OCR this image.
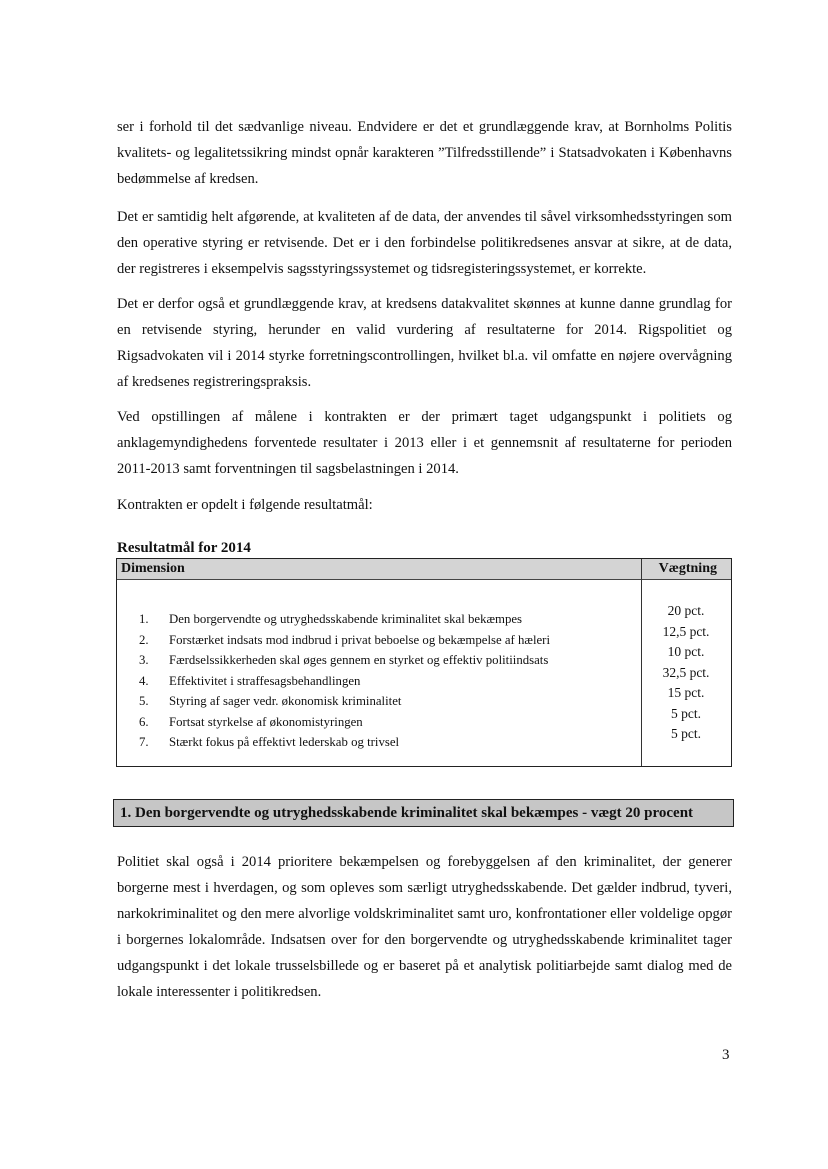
ser i forhold til det sædvanlige niveau. Endvidere er det et grundlæggende krav, at Bornholms Politis kvalitets- og legalitetssikring mindst opnår karakteren ”Tilfredsstillende” i Statsadvokaten i Københavns bedømmelse af kredsen.

Det er samtidig helt afgørende, at kvaliteten af de data, der anvendes til såvel virksomhedsstyringen som den operative styring er retvisende. Det er i den forbindelse politikredsenes ansvar at sikre, at de data, der registreres i eksempelvis sagsstyringssystemet og tidsregisteringssystemet, er korrekte.

Det er derfor også et grundlæggende krav, at kredsens datakvalitet skønnes at kunne danne grundlag for en retvisende styring, herunder en valid vurdering af resultaterne for 2014. Rigspolitiet og Rigsadvokaten vil i 2014 styrke forretningscontrollingen, hvilket bl.a. vil omfatte en nøjere overvågning af kredsenes registreringspraksis.

Ved opstillingen af målene i kontrakten er der primært taget udgangspunkt i politiets og anklagemyndighedens forventede resultater i 2013 eller i et gennemsnit af resultaterne for perioden 2011-2013 samt forventningen til sagsbelastningen i 2014.

Kontrakten er opdelt i følgende resultatmål:

Resultatmål for 2014

Dimension	Vægtning
1. Den borgervendte og utryghedsskabende kriminalitet skal bekæmpes
2. Forstærket indsats mod indbrud i privat beboelse og bekæmpelse af hæleri
3. Færdselssikkerheden skal øges gennem en styrket og effektiv politiindsats
4. Effektivitet i straffesagsbehandlingen
5. Styring af sager vedr. økonomisk kriminalitet
6. Fortsat styrkelse af økonomistyringen
7. Stærkt fokus på effektivt lederskab og trivsel
20 pct.
12,5 pct.
10 pct.
32,5 pct.
15 pct.
5 pct.
5 pct.
1. Den borgervendte og utryghedsskabende kriminalitet skal bekæmpes - vægt 20 procent

Politiet skal også i 2014 prioritere bekæmpelsen og forebyggelsen af den kriminalitet, der generer borgerne mest i hverdagen, og som opleves som særligt utryghedsskabende. Det gælder indbrud, tyveri, narkokriminalitet og den mere alvorlige voldskriminalitet samt uro, konfrontationer eller voldelige opgør i borgernes lokalområde. Indsatsen over for den borgervendte og utryghedsskabende kriminalitet tager udgangspunkt i det lokale trusselsbillede og er baseret på et analytisk politiarbejde samt dialog med de lokale interessenter i politikredsen.

3
